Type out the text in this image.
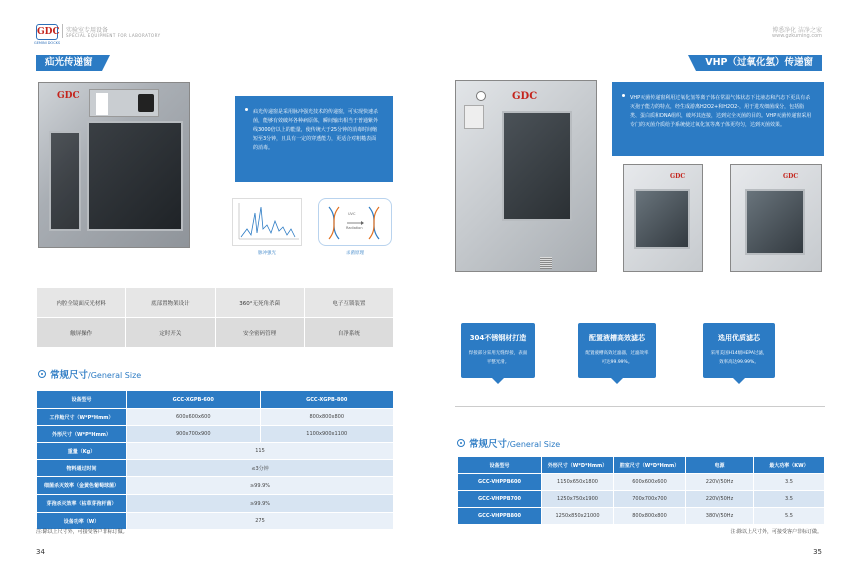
GDC
GEMINI DOCKS
实验室专用设备
SPECIAL EQUIPMENT FOR LABORATORY
疝光传递窗
GDC
疝光传递窗是采用脉冲强光技术的传递窗，可实现快速杀菌，能够有效破坏各种病原体，瞬间输出相当于普通紫外线3000倍以上的能量，使传统大于25分钟的消毒时间缩短至3分钟，且具有一定的穿透能力，更适合对粗糙表面的消毒。
脉冲强光
UVC
Radiation
杀菌原理
内腔全镜面反光材料	底部置物架设计	360°无死角杀菌	电子互锁装置
触屏操作	定时开关	安全密码管理	自净系统
常规尺寸/General Size
设备型号	GCC-XGPB-600	GCC-XGPB-800
工作舱尺寸（W*P*Hmm）	600x600x600	800x800x800
外形尺寸（W*P*Hmm）	900x700x900	1100x900x1100
重量（Kg）	115	
物料通过时间	≤3分钟	
细菌杀灭效率（金黄色葡萄球菌）	≥99.9%	
芽孢杀灭效率（枯草芽孢杆菌）	≥99.9%	
设备功率（W）	275	
注:除以上尺寸外，可接受客户非标订做。
34
博悉净化 洁净之家
www.gzkuming.com
VHP（过氧化氢）传递窗
GDC	VHP灭菌传递窗利用过氧化氢等离子体在常温气体状态下比液态和汽态下更具有杀灭孢子能力的特点，经生成游离H2O2+和H2O2-，用于进攻细菌成分，包括脂类、蛋白质和DNA组织，破坏其连接，达到完全灭菌的目的。VHP灭菌传递窗采用专门的灭菌介质给予系统使过氧化氢等离子体更均匀，达到灭菌效果。
GDC	GDC
304不锈钢材打造
焊接部分采用无缝焊接，表面平整光滑。
配置液槽高效滤芯
配置液槽高效过滤器，过滤效率可达99.99%。
选用优质滤芯
采用美国H14级HEPA过滤，效率高达99.99%。
常规尺寸/General Size
设备型号	外形尺寸（W*D*Hmm）	腔室尺寸（W*D*Hmm）	电源	最大功率（KW）
GCC-VHPPB600	1150x650x1800	600x600x600	220V/50Hz	3.5
GCC-VHPPB700	1250x750x1900	700x700x700	220V/50Hz	3.5
GCC-VHPPB800	1250x850x21000	800x800x800	380V/50Hz	5.5
注:除以上尺寸外，可接受客户非标订做。
35
